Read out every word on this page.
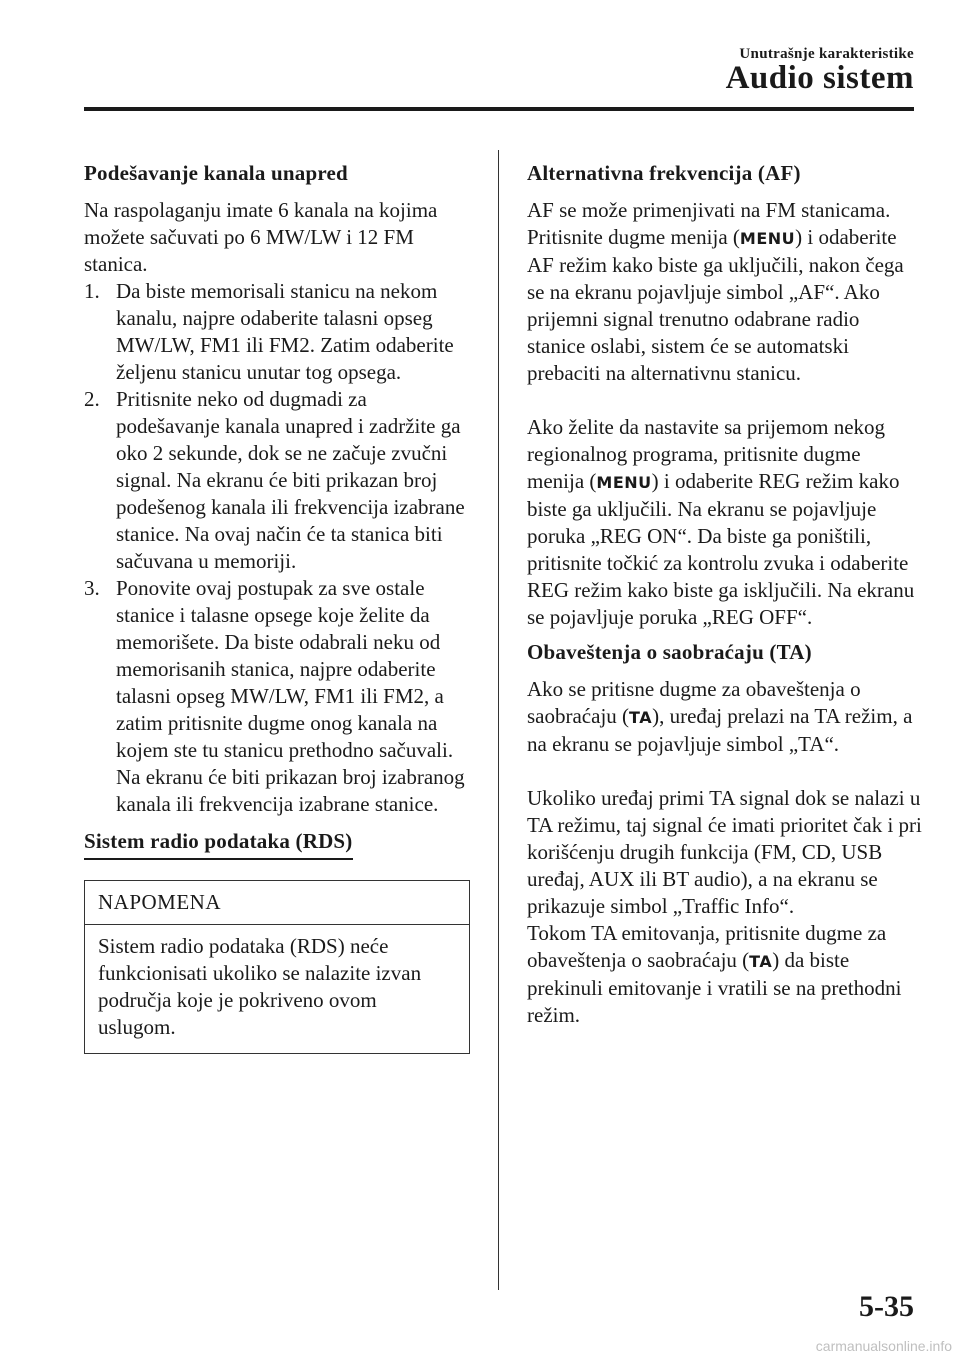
Unutrašnje karakteristike
Audio sistem

Podešavanje kanala unapred

Na raspolaganju imate 6 kanala na kojima možete sačuvati po 6 MW/LW i 12 FM stanica.

1. Da biste memorisali stanicu na nekom kanalu, najpre odaberite talasni opseg MW/LW, FM1 ili FM2. Zatim odaberite željenu stanicu unutar tog opsega.
2. Pritisnite neko od dugmadi za podešavanje kanala unapred i zadržite ga oko 2 sekunde, dok se ne začuje zvučni signal. Na ekranu će biti prikazan broj podešenog kanala ili frekvencija izabrane stanice. Na ovaj način će ta stanica biti sačuvana u memoriji.
3. Ponovite ovaj postupak za sve ostale stanice i talasne opsege koje želite da memorišete. Da biste odabrali neku od memorisanih stanica, najpre odaberite talasni opseg MW/LW, FM1 ili FM2, a zatim pritisnite dugme onog kanala na kojem ste tu stanicu prethodno sačuvali. Na ekranu će biti prikazan broj izabranog kanala ili frekvencija izabrane stanice.
Sistem radio podataka (RDS)
NAPOMENA
Sistem radio podataka (RDS) neće funkcionisati ukoliko se nalazite izvan područja koje je pokriveno ovom uslugom.

Alternativna frekvencija (AF)

AF se može primenjivati na FM stanicama. Pritisnite dugme menija (MENU) i odaberite AF režim kako biste ga uključili, nakon čega se na ekranu pojavljuje simbol „AF“. Ako prijemni signal trenutno odabrane radio stanice oslabi, sistem će se automatski prebaciti na alternativnu stanicu.

Ako želite da nastavite sa prijemom nekog regionalnog programa, pritisnite dugme menija (MENU) i odaberite REG režim kako biste ga uključili. Na ekranu se pojavljuje poruka „REG ON“. Da biste ga poništili, pritisnite točkić za kontrolu zvuka i odaberite REG režim kako biste ga isključili. Na ekranu se pojavljuje poruka „REG OFF“.

Obaveštenja o saobraćaju (TA)

Ako se pritisne dugme za obaveštenja o saobraćaju (TA), uređaj prelazi na TA režim, a na ekranu se pojavljuje simbol „TA“.

Ukoliko uređaj primi TA signal dok se nalazi u TA režimu, taj signal će imati prioritet čak i pri korišćenju drugih funkcija (FM, CD, USB uređaj, AUX ili BT audio), a na ekranu se prikazuje simbol „Traffic Info“.

Tokom TA emitovanja, pritisnite dugme za obaveštenja o saobraćaju (TA) da biste prekinuli emitovanje i vratili se na prethodni režim.

5-35
carmanualsonline.info
